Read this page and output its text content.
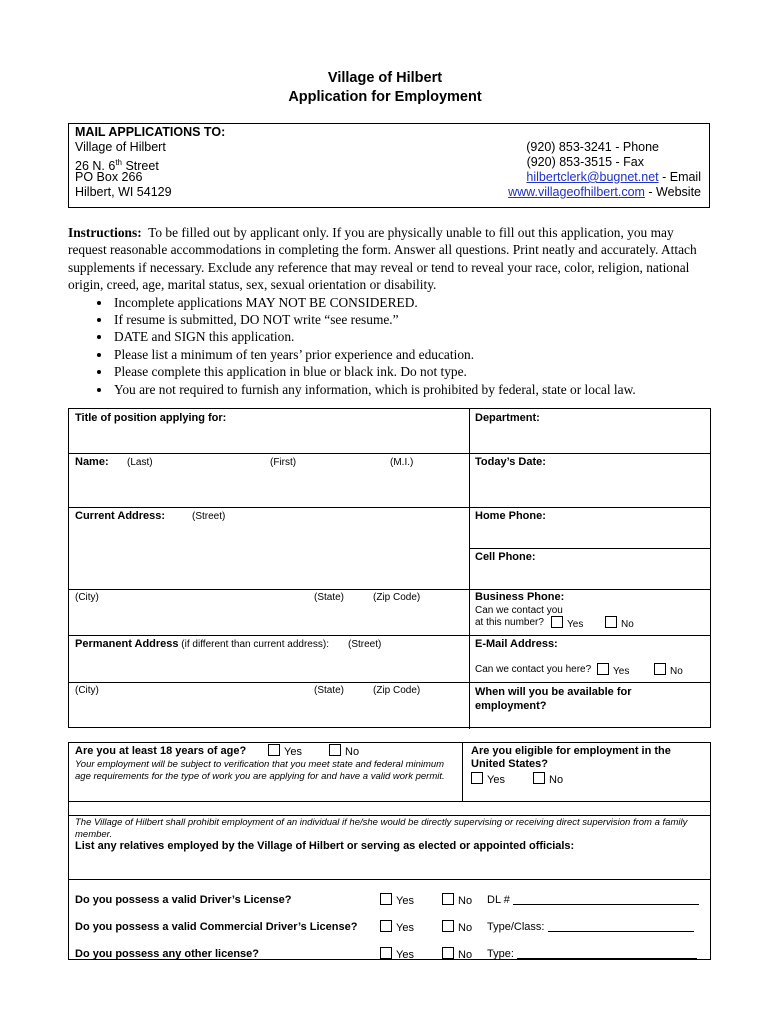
Village of Hilbert
Application for Employment
MAIL APPLICATIONS TO:
Village of Hilbert
26 N. 6th Street
PO Box 266
Hilbert, WI 54129
(920) 853-3241 - Phone
(920) 853-3515 - Fax
hilbertclerk@bugnet.net - Email
www.villageofhilbert.com - Website
Instructions: To be filled out by applicant only. If you are physically unable to fill out this application, you may request reasonable accommodations in completing the form. Answer all questions. Print neatly and accurately. Attach supplements if necessary. Exclude any reference that may reveal or tend to reveal your race, color, religion, national origin, creed, age, marital status, sex, sexual orientation or disability.
• Incomplete applications MAY NOT BE CONSIDERED.
• If resume is submitted, DO NOT write “see resume.”
• DATE and SIGN this application.
• Please list a minimum of ten years’ prior experience and education.
• Please complete this application in blue or black ink. Do not type.
• You are not required to furnish any information, which is prohibited by federal, state or local law.
Title of position applying for:	Department:
Name: (Last)	(First)	(M.I.)	Today’s Date:
Current Address:	(Street)	Home Phone:
Cell Phone:
(City)	(State)	(Zip Code)	Business Phone:
Can we contact you
at this number?	Yes	No
Permanent Address (if different than current address): (Street)	E-Mail Address:
Can we contact you here?	Yes	No
(City)	(State)	(Zip Code)	When will you be available for
employment?
Are you at least 18 years of age?	Yes	No
Your employment will be subject to verification that you meet state and federal minimum age requirements for the type of work you are applying for and have a valid work permit.
Are you eligible for employment in the
United States?
Yes	No
The Village of Hilbert shall prohibit employment of an individual if he/she would be directly supervising or receiving direct supervision from a family member.
List any relatives employed by the Village of Hilbert or serving as elected or appointed officials:
Do you possess a valid Driver’s License?	Yes	No DL #
Do you possess a valid Commercial Driver’s License?	Yes	No Type/Class:
Do you possess any other license?	Yes	No Type:
